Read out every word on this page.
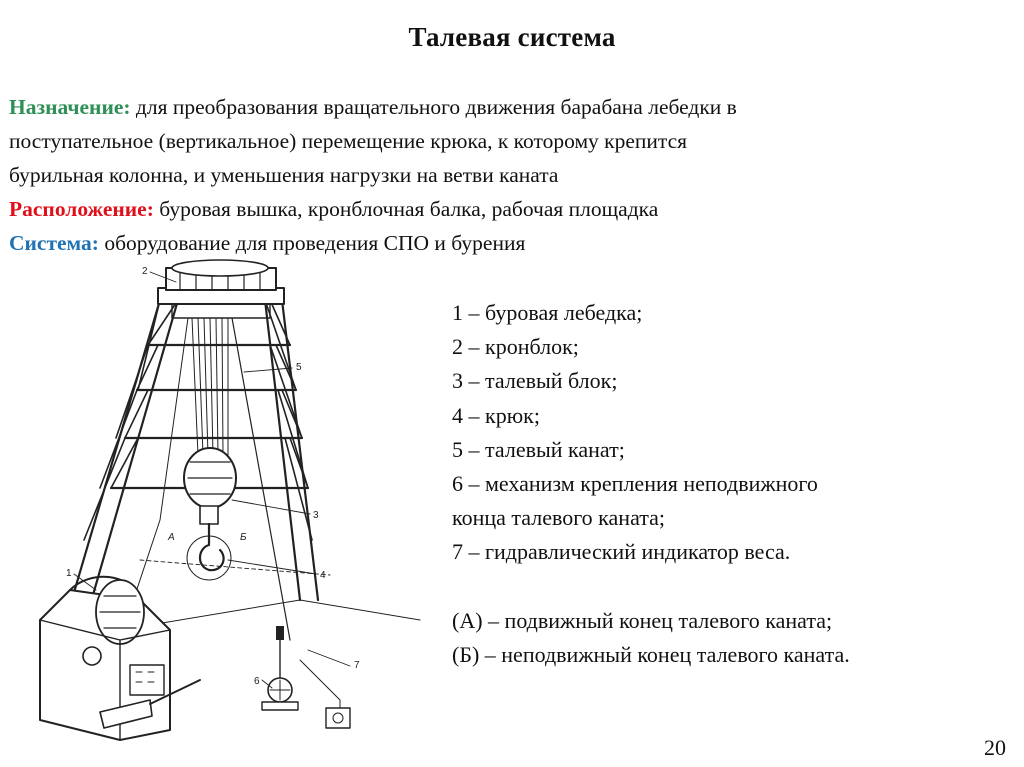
Талевая система
Назначение: для преобразования вращательного движения барабана лебедки в
поступательное (вертикальное) перемещение крюка, к которому крепится
бурильная колонна, и уменьшения нагрузки на ветви каната
Расположение: буровая вышка, кронблочная балка, рабочая площадка
Система: оборудование для проведения СПО и бурения
1 – буровая лебедка;
2 – кронблок;
3 – талевый блок;
4 – крюк;
5 – талевый канат;
6 – механизм крепления неподвижного
конца талевого каната;
7 – гидравлический индикатор веса.
(А) – подвижный конец талевого каната;
(Б) – неподвижный конец талевого каната.
2
5
3
4
1
7
6
А	Б
20
